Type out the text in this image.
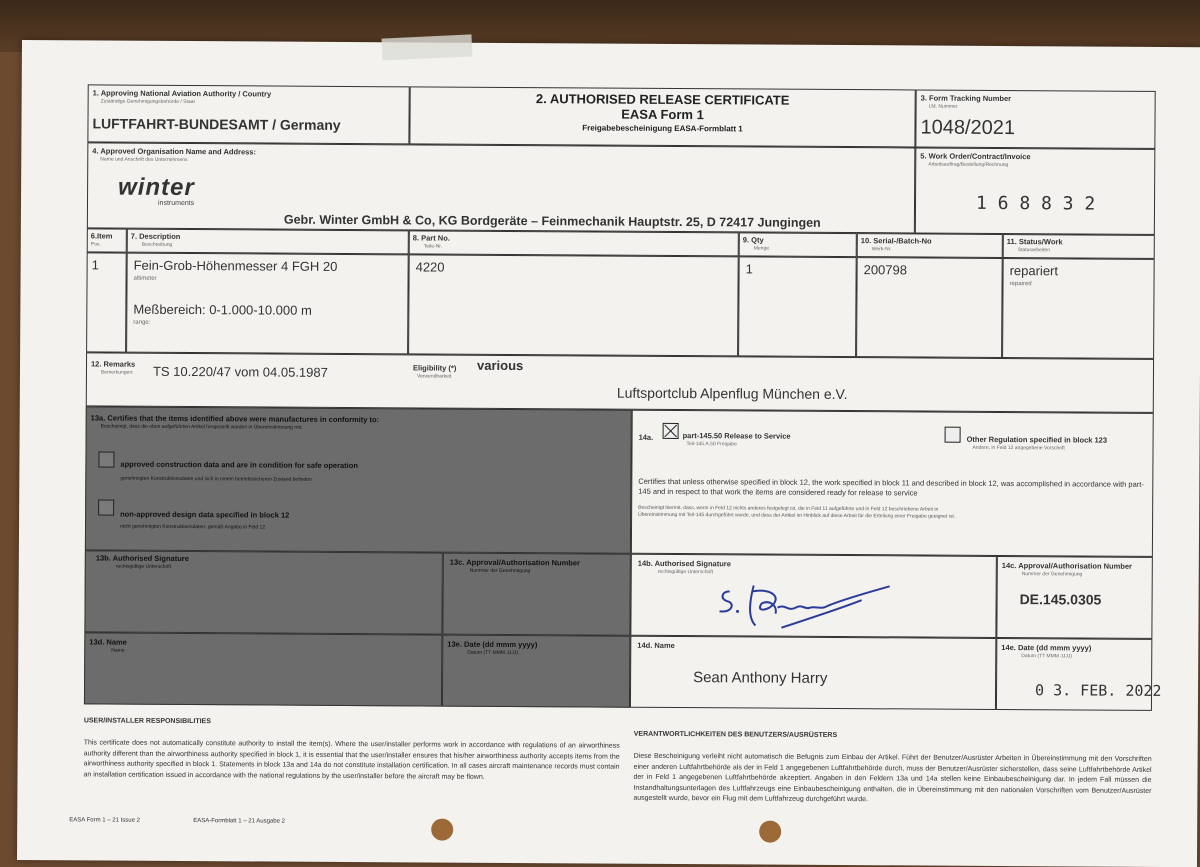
1. Approving National Aviation Authority / Country
Zuständige Genehmigungsbehörde / Staat
LUFTFAHRT-BUNDESAMT / Germany
2. AUTHORISED RELEASE CERTIFICATE
EASA Form 1
Freigabebescheinigung EASA-Formblatt 1
3. Form Tracking Number
Lfd. Nummer
1048/2021
4. Approved Organisation Name and Address:
Name und Anschrift des Unternehmens
winter
instruments
Gebr. Winter GmbH & Co, KG Bordgeräte – Feinmechanik Hauptstr. 25, D 72417 Jungingen
5. Work Order/Contract/Invoice
Arbeitsauftrag/Bestellung/Rechnung
1 6 8 8 3 2
6.Item
Pos.
7. Description
Beschreibung
8. Part No.
Teile-Nr.
9. Qty
Menge
10. Serial-/Batch-No
Werk-Nr.
11. Status/Work
Statusarbeiten
1	Fein-Grob-Höhenmesser 4 FGH 20
altimeter
Meßbereich: 0-1.000-10.000 m
range:
4220	1	200798	repariert
repaired
12. Remarks
Bemerkungen: TS 10.220/47 vom 04.05.1987	Eligibility (*)
Verwendbarkeit
various
Luftsportclub Alpenflug München e.V.
13a. Certifies that the items identified above were manufactures in conformity to:
Bescheinigt, dass die oben aufgeführten Artikel hergestellt wurden in Übereinstimmung mit:
approved construction data and are in condition for safe operation
genehmigten Konstruktionsdaten und sich in einem betriebssicheren Zustand befinden
non-approved design data specified in block 12
nicht genehmigten Konstruktionsdaten, gemäß Angabe in Feld 12
14a.	part-145.50 Release to Service
Teil-145.A.50 Freigabe	Other Regulation specified in block 123
Andere, in Feld 12 angegebene Vorschrift
Certifies that unless otherwise specified in block 12, the work specified in block 11 and described in block 12, was accomplished in accordance with part-145 and in respect to that work the items are considered ready for release to service
Bescheinigt hiermit, dass, wenn in Feld 12 nichts anderes festgelegt ist, die in Feld 11 aufgeführte und in Feld 12 beschriebene Arbeit in Übereinstimmung mit Teil-145 durchgeführt wurde, und dass der Artikel im Hinblick auf diese Arbeit für die Erteilung einer Freigabe geeignet ist.
13b. Authorised Signature
rechtsgültige Unterschrift	13c. Approval/Authorisation Number
Nummer der Genehmigung
14b. Authorised Signature
rechtsgültige Unterschrift
14c. Approval/Authorisation Number
Nummer der Genehmigung
DE.145.0305
13d. Name
Name
13e. Date (dd mmm yyyy)
Datum (TT MMM JJJJ)
14d. Name
Sean Anthony Harry
14e. Date (dd mmm yyyy)
Datum (TT MMM JJJJ)
0 3. FEB. 2022
USER/INSTALLER RESPONSIBILITIES
This certificate does not automatically constitute authority to install the item(s). Where the user/installer performs work in accordance with regulations of an airworthiness authority different than the airworthiness authority specified in block 1, it is essential that the user/installer ensures that his/her airworthiness authority accepts items from the airworthiness authority specified in block 1. Statements in block 13a and 14a do not constitute installation certification. In all cases aircraft maintenance records must contain an installation certification issued in accordance with the national regulations by the user/installer before the aircraft may be flown.
VERANTWORTLICHKEITEN DES BENUTZERS/AUSRÜSTERS
Diese Bescheinigung verleiht nicht automatisch die Befugnis zum Einbau der Artikel. Führt der Benutzer/Ausrüster Arbeiten in Übereinstimmung mit den Vorschriften einer anderen Luftfahrtbehörde als der in Feld 1 angegebenen Luftfahrtbehörde durch, muss der Benutzer/Ausrüster sicherstellen, dass seine Luftfahrtbehörde Artikel der in Feld 1 angegebenen Luftfahrtbehörde akzeptiert. Angaben in den Feldern 13a und 14a stellen keine Einbaubescheinigung dar. In jedem Fall müssen die Instandhaltungsunterlagen des Luftfahrzeugs eine Einbaubescheinigung enthalten, die in Übereinstimmung mit den nationalen Vorschriften vom Benutzer/Ausrüster ausgestellt wurde, bevor ein Flug mit dem Luftfahrzeug durchgeführt wurde.
EASA Form 1 – 21 Issue 2	EASA-Formblatt 1 – 21 Ausgabe 2
